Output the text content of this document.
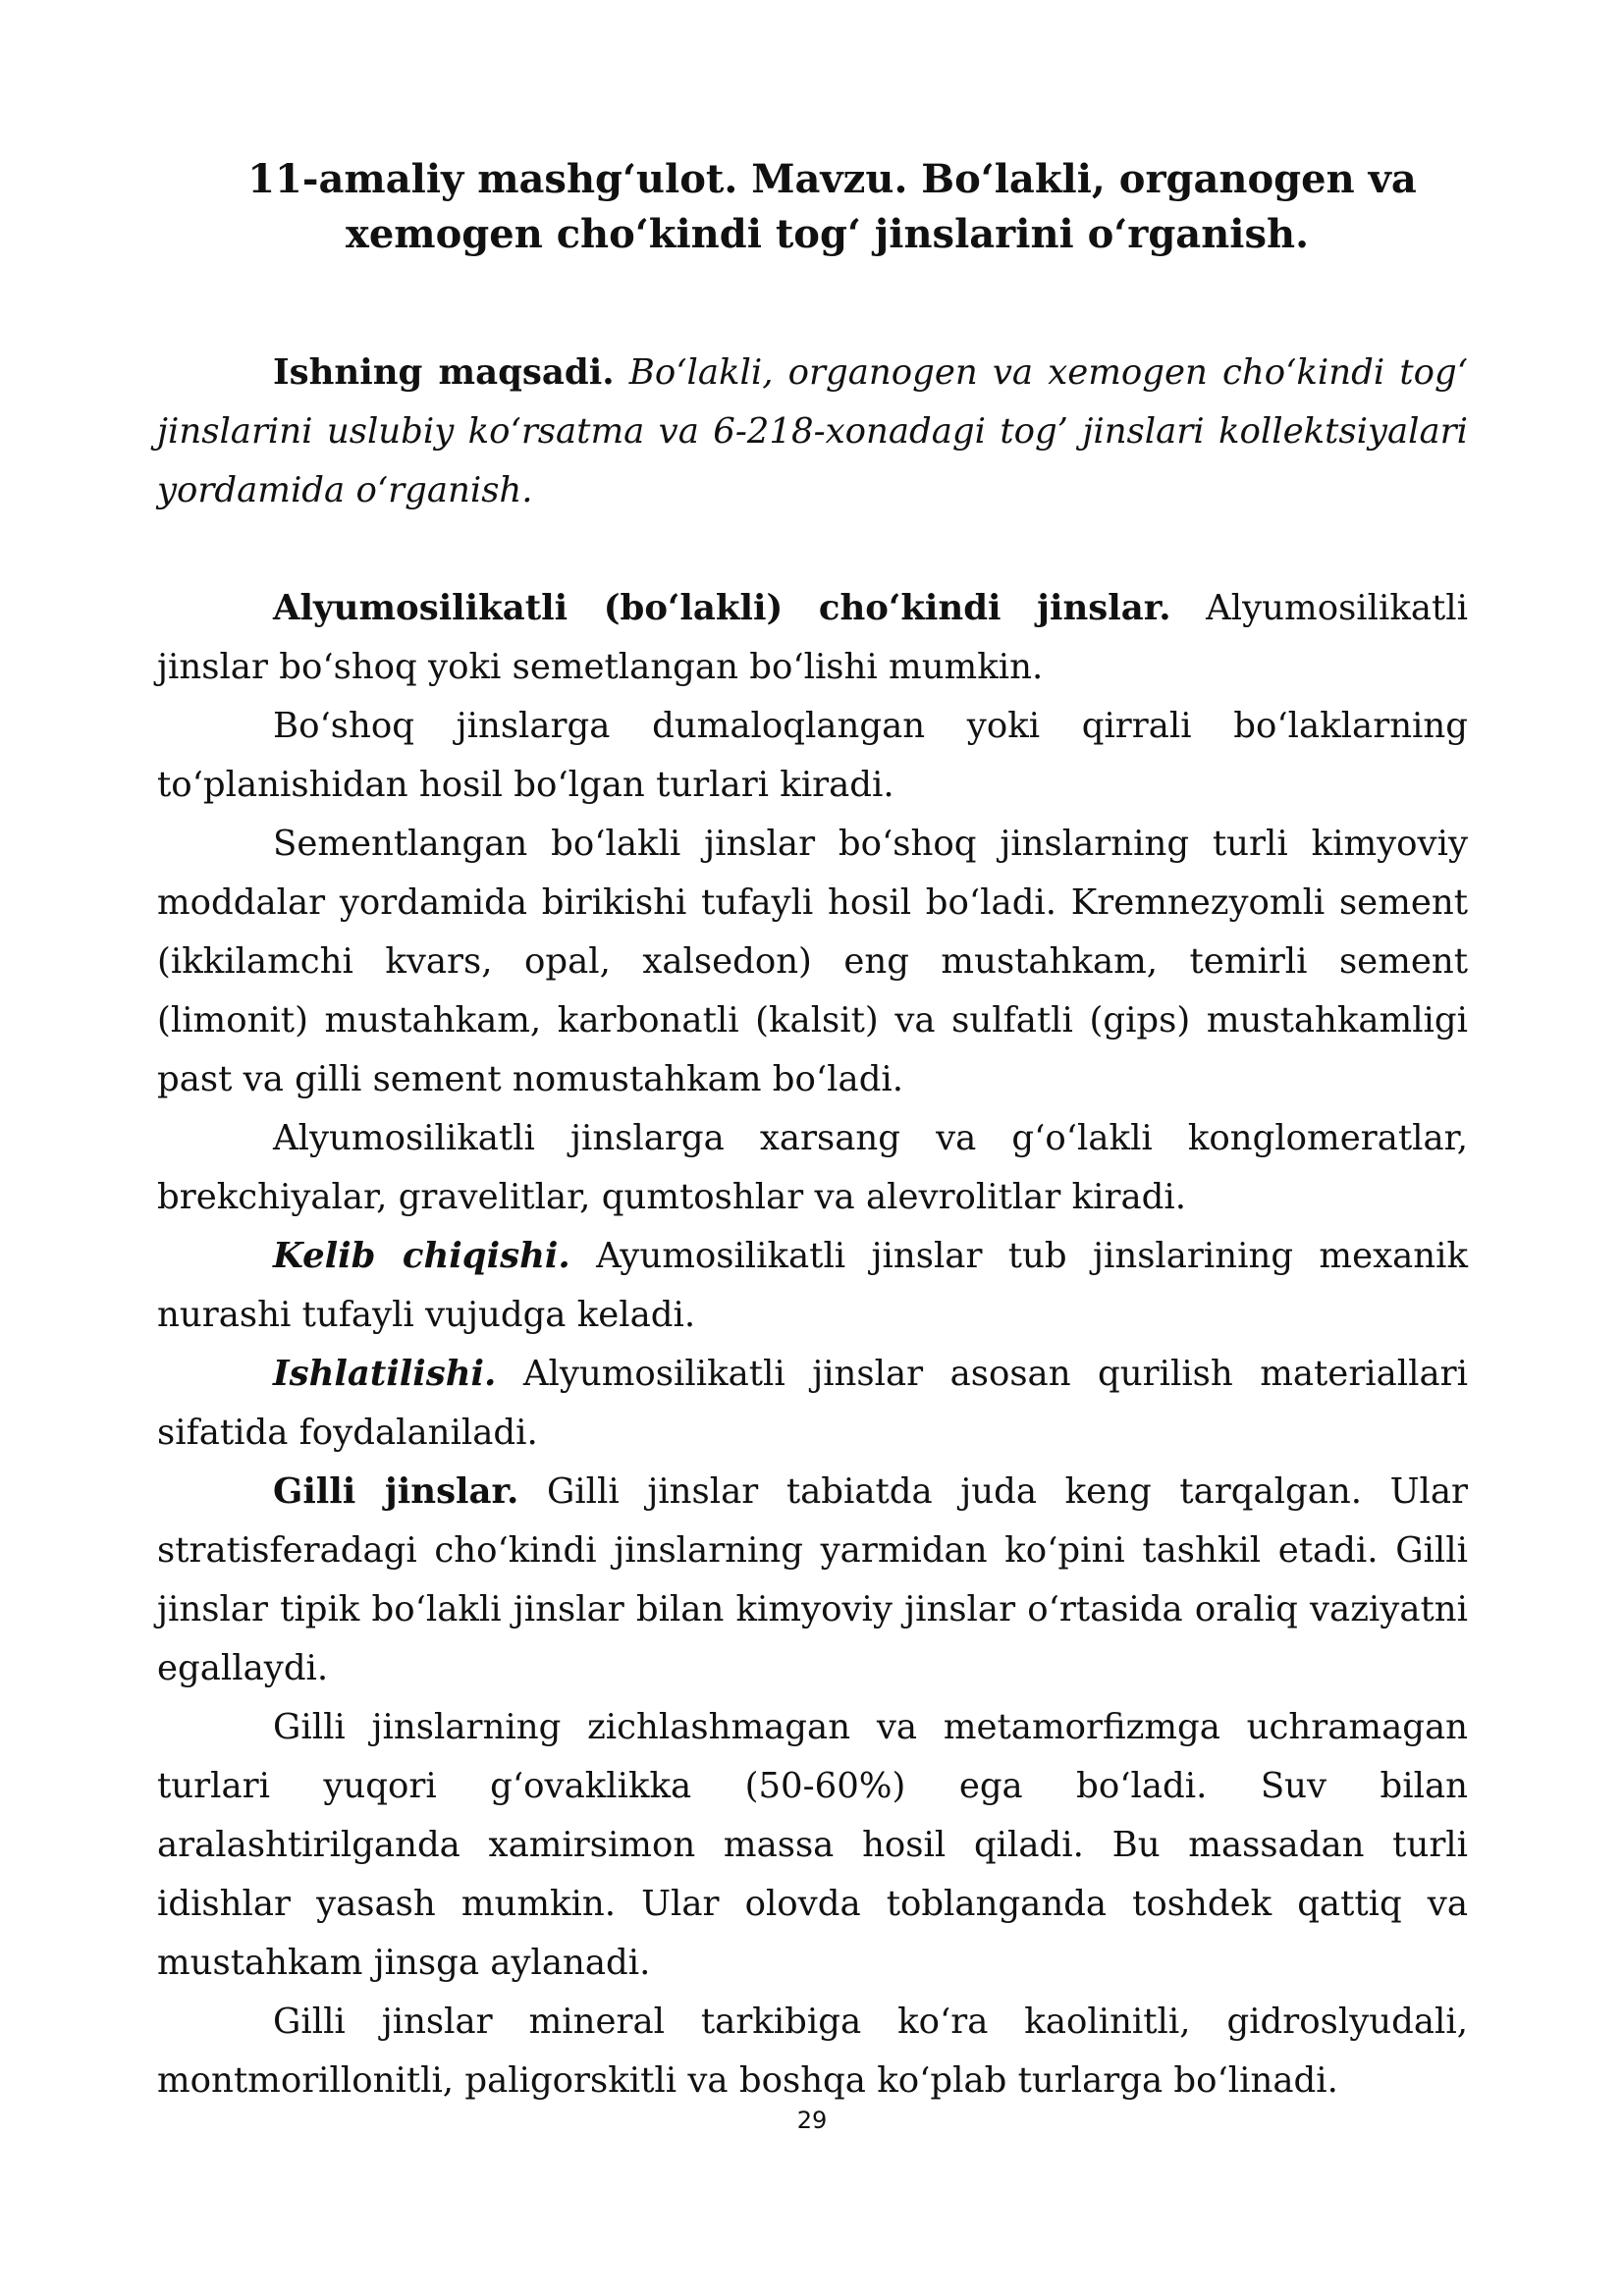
11-amaliy mashg‘ulot. Mavzu. Bo‘lakli, organogen va
xemogen cho‘kindi tog‘ jinslarini o‘rganish.

Ishning maqsadi. Bo‘lakli, organogen va xemogen cho‘kindi tog‘ jinslarini uslubiy ko‘rsatma va 6-218-xonadagi tog’ jinslari kollektsiyalari yordamida o‘rganish.

Alyumosilikatli (bo‘lakli) cho‘kindi jinslar. Alyumosilikatli jinslar bo‘shoq yoki semetlangan bo‘lishi mumkin.

Bo‘shoq jinslarga dumaloqlangan yoki qirrali bo‘laklarning to‘planishidan hosil bo‘lgan turlari kiradi.

Sementlangan bo‘lakli jinslar bo‘shoq jinslarning turli kimyoviy moddalar yordamida birikishi tufayli hosil bo‘ladi. Kremnezyomli sement (ikkilamchi kvars, opal, xalsedon) eng mustahkam, temirli sement (limonit) mustahkam, karbonatli (kalsit) va sulfatli (gips) mustahkamligi past va gilli sement nomustahkam bo‘ladi.

Alyumosilikatli jinslarga xarsang va g‘o‘lakli konglomeratlar, brekchiyalar, gravelitlar, qumtoshlar va alevrolitlar kiradi.

Kelib chiqishi. Ayumosilikatli jinslar tub jinslarining mexanik nurashi tufayli vujudga keladi.

Ishlatilishi. Alyumosilikatli jinslar asosan qurilish materiallari sifatida foydalaniladi.

Gilli jinslar. Gilli jinslar tabiatda juda keng tarqalgan. Ular stratisferadagi cho‘kindi jinslarning yarmidan ko‘pini tashkil etadi. Gilli jinslar tipik bo‘lakli jinslar bilan kimyoviy jinslar o‘rtasida oraliq vaziyatni egallaydi.

Gilli jinslarning zichlashmagan va metamorfizmga uchramagan turlari yuqori g‘ovaklikka (50-60%) ega bo‘ladi. Suv bilan aralashtirilganda xamirsimon massa hosil qiladi. Bu massadan turli idishlar yasash mumkin. Ular olovda toblanganda toshdek qattiq va mustahkam jinsga aylanadi.

Gilli jinslar mineral tarkibiga ko‘ra kaolinitli, gidroslyudali, montmorillonitli, paligorskitli va boshqa ko‘plab turlarga bo‘linadi.

29
